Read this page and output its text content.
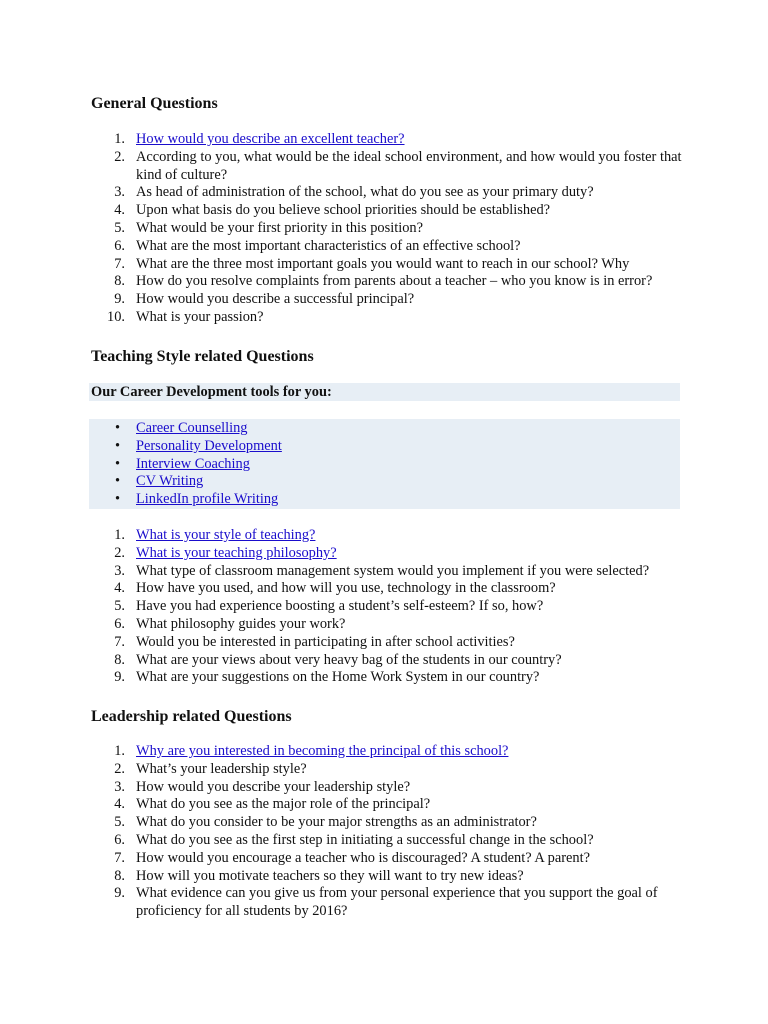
General Questions
1. How would you describe an excellent teacher?
2. According to you, what would be the ideal school environment, and how would you foster that kind of culture?
3. As head of administration of the school, what do you see as your primary duty?
4. Upon what basis do you believe school priorities should be established?
5. What would be your first priority in this position?
6. What are the most important characteristics of an effective school?
7. What are the three most important goals you would want to reach in our school? Why
8. How do you resolve complaints from parents about a teacher – who you know is in error?
9. How would you describe a successful principal?
10. What is your passion?
Teaching Style related Questions
Our Career Development tools for you:
• Career Counselling
• Personality Development
• Interview Coaching
• CV Writing
• LinkedIn profile Writing
1. What is your style of teaching?
2. What is your teaching philosophy?
3. What type of classroom management system would you implement if you were selected?
4. How have you used, and how will you use, technology in the classroom?
5. Have you had experience boosting a student’s self-esteem? If so, how?
6. What philosophy guides your work?
7. Would you be interested in participating in after school activities?
8. What are your views about very heavy bag of the students in our country?
9. What are your suggestions on the Home Work System in our country?
Leadership related Questions
1. Why are you interested in becoming the principal of this school?
2. What’s your leadership style?
3. How would you describe your leadership style?
4. What do you see as the major role of the principal?
5. What do you consider to be your major strengths as an administrator?
6. What do you see as the first step in initiating a successful change in the school?
7. How would you encourage a teacher who is discouraged? A student? A parent?
8. How will you motivate teachers so they will want to try new ideas?
9. What evidence can you give us from your personal experience that you support the goal of proficiency for all students by 2016?
